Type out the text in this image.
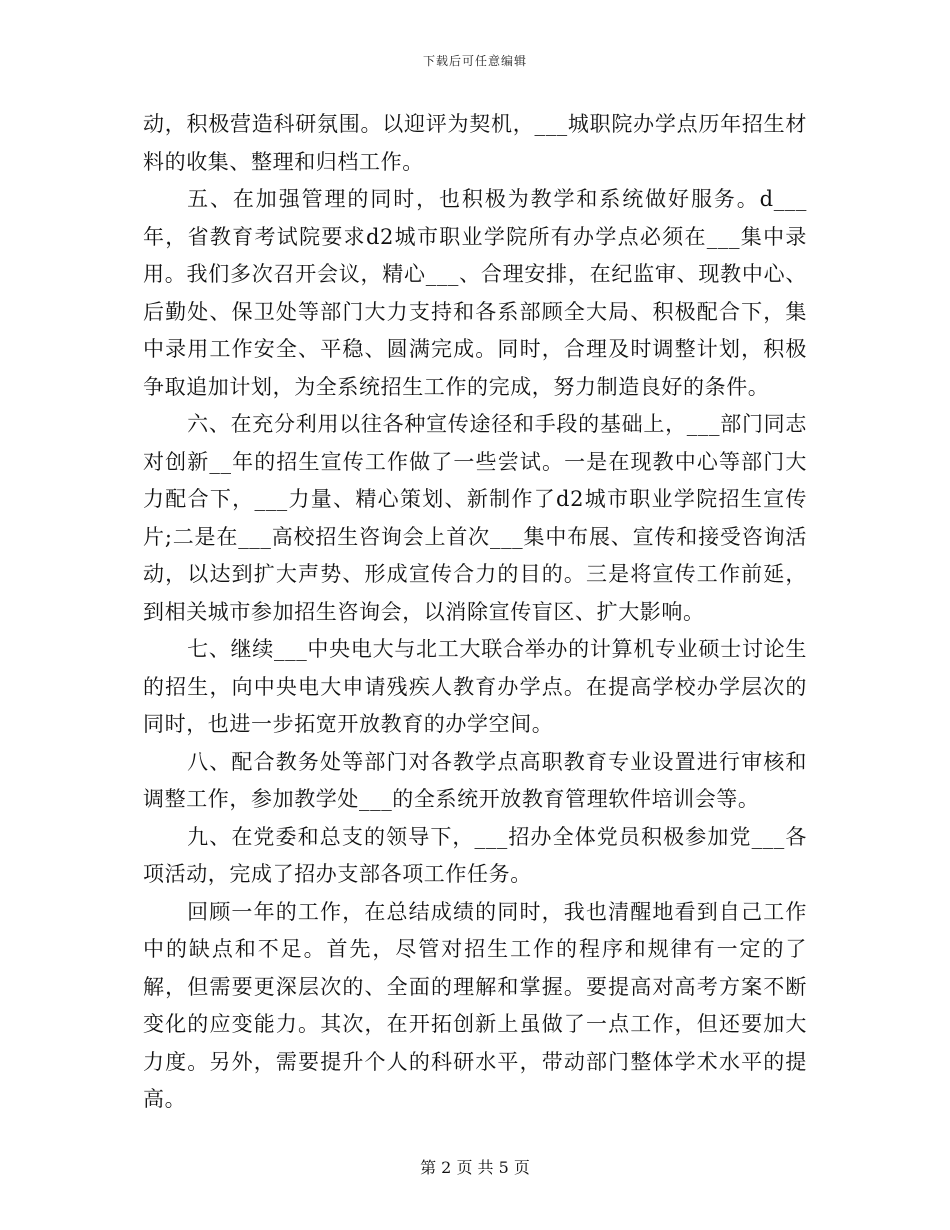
下载后可任意编辑

动，积极营造科研氛围。以迎评为契机，___城职院办学点历年招生材料的收集、整理和归档工作。

五、在加强管理的同时，也积极为教学和系统做好服务。d___年，省教育考试院要求d2城市职业学院所有办学点必须在___集中录用。我们多次召开会议，精心___、合理安排，在纪监审、现教中心、后勤处、保卫处等部门大力支持和各系部顾全大局、积极配合下，集中录用工作安全、平稳、圆满完成。同时，合理及时调整计划，积极争取追加计划，为全系统招生工作的完成，努力制造良好的条件。

六、在充分利用以往各种宣传途径和手段的基础上，___部门同志对创新__年的招生宣传工作做了一些尝试。一是在现教中心等部门大力配合下，___力量、精心策划、新制作了d2城市职业学院招生宣传片;二是在___高校招生咨询会上首次___集中布展、宣传和接受咨询活动，以达到扩大声势、形成宣传合力的目的。三是将宣传工作前延，到相关城市参加招生咨询会，以消除宣传盲区、扩大影响。

七、继续___中央电大与北工大联合举办的计算机专业硕士讨论生的招生，向中央电大申请残疾人教育办学点。在提高学校办学层次的同时，也进一步拓宽开放教育的办学空间。

八、配合教务处等部门对各教学点高职教育专业设置进行审核和调整工作，参加教学处___的全系统开放教育管理软件培训会等。

九、在党委和总支的领导下，___招办全体党员积极参加党___各项活动，完成了招办支部各项工作任务。

回顾一年的工作，在总结成绩的同时，我也清醒地看到自己工作中的缺点和不足。首先，尽管对招生工作的程序和规律有一定的了解，但需要更深层次的、全面的理解和掌握。要提高对高考方案不断变化的应变能力。其次，在开拓创新上虽做了一点工作，但还要加大力度。另外，需要提升个人的科研水平，带动部门整体学术水平的提高。

第 2 页 共 5 页
